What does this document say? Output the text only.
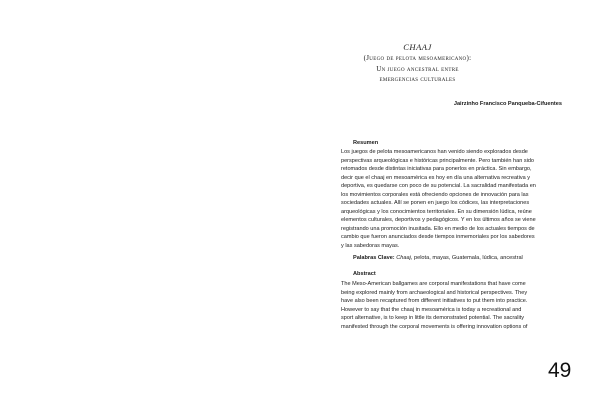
CHAAJ
(Juego de pelota mesoamericano):
Un juego ancestral entre
emergencias culturales
Jairzinho Francisco Panqueba-Cifuentes
Resumen
Los juegos de pelota mesoamericanos han venido siendo explorados desde
perspectivas arqueológicas e históricas principalmente. Pero también han sido
retomados desde distintas iniciativas para ponerlos en práctica. Sin embargo,
decir que el chaaj en mesoamérica es hoy en día una alternativa recreativa y
deportiva, es quedarse con poco de su potencial. La sacralidad manifestada en
los movimientos corporales está ofreciendo opciones de innovación para las
sociedades actuales. Allí se ponen en juego los códices, las interpretaciones
arqueológicas y los conocimientos territoriales. En su dimensión lúdica, reúne
elementos culturales, deportivos y pedagógicos. Y en los últimos años se viene
registrando una promoción inusitada. Ello en medio de los actuales tiempos de
cambio que fueron anunciados desde tiempos inmemoriales por los sabedores
y las sabedoras mayas.
Palabras Clave: Chaaj, pelota, mayas, Guatemala, lúdica, ancestral
Abstract
The Meso-American ballgames are corporal manifestations that have come
being explored mainly from archaeological and historical perspectives. They
have also been recaptured from different initiatives to put them into practice.
However to say that the chaaj in mesoamérica is today a recreational and
sport alternative, is to keep in little its demonstrated potential. The sacrality
manifested through the corporal movements is offering innovation options of
49
